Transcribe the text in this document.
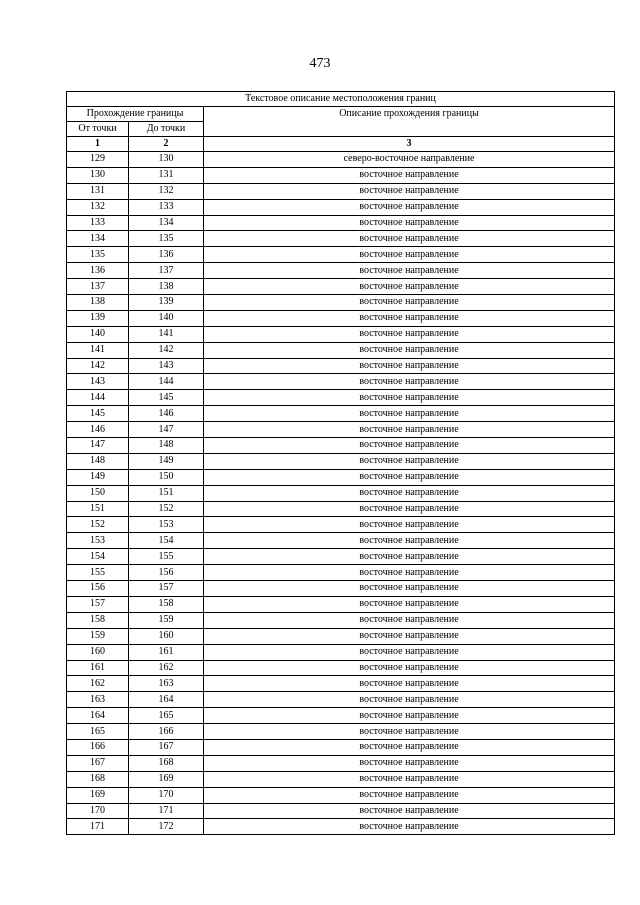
473
Текстовое описание местоположения границ		
Прохождение границы		Описание прохождения границы
От точки	До точки	
1	2	3
129	130	северо-восточное направление
130	131	восточное направление
131	132	восточное направление
132	133	восточное направление
133	134	восточное направление
134	135	восточное направление
135	136	восточное направление
136	137	восточное направление
137	138	восточное направление
138	139	восточное направление
139	140	восточное направление
140	141	восточное направление
141	142	восточное направление
142	143	восточное направление
143	144	восточное направление
144	145	восточное направление
145	146	восточное направление
146	147	восточное направление
147	148	восточное направление
148	149	восточное направление
149	150	восточное направление
150	151	восточное направление
151	152	восточное направление
152	153	восточное направление
153	154	восточное направление
154	155	восточное направление
155	156	восточное направление
156	157	восточное направление
157	158	восточное направление
158	159	восточное направление
159	160	восточное направление
160	161	восточное направление
161	162	восточное направление
162	163	восточное направление
163	164	восточное направление
164	165	восточное направление
165	166	восточное направление
166	167	восточное направление
167	168	восточное направление
168	169	восточное направление
169	170	восточное направление
170	171	восточное направление
171	172	восточное направление
